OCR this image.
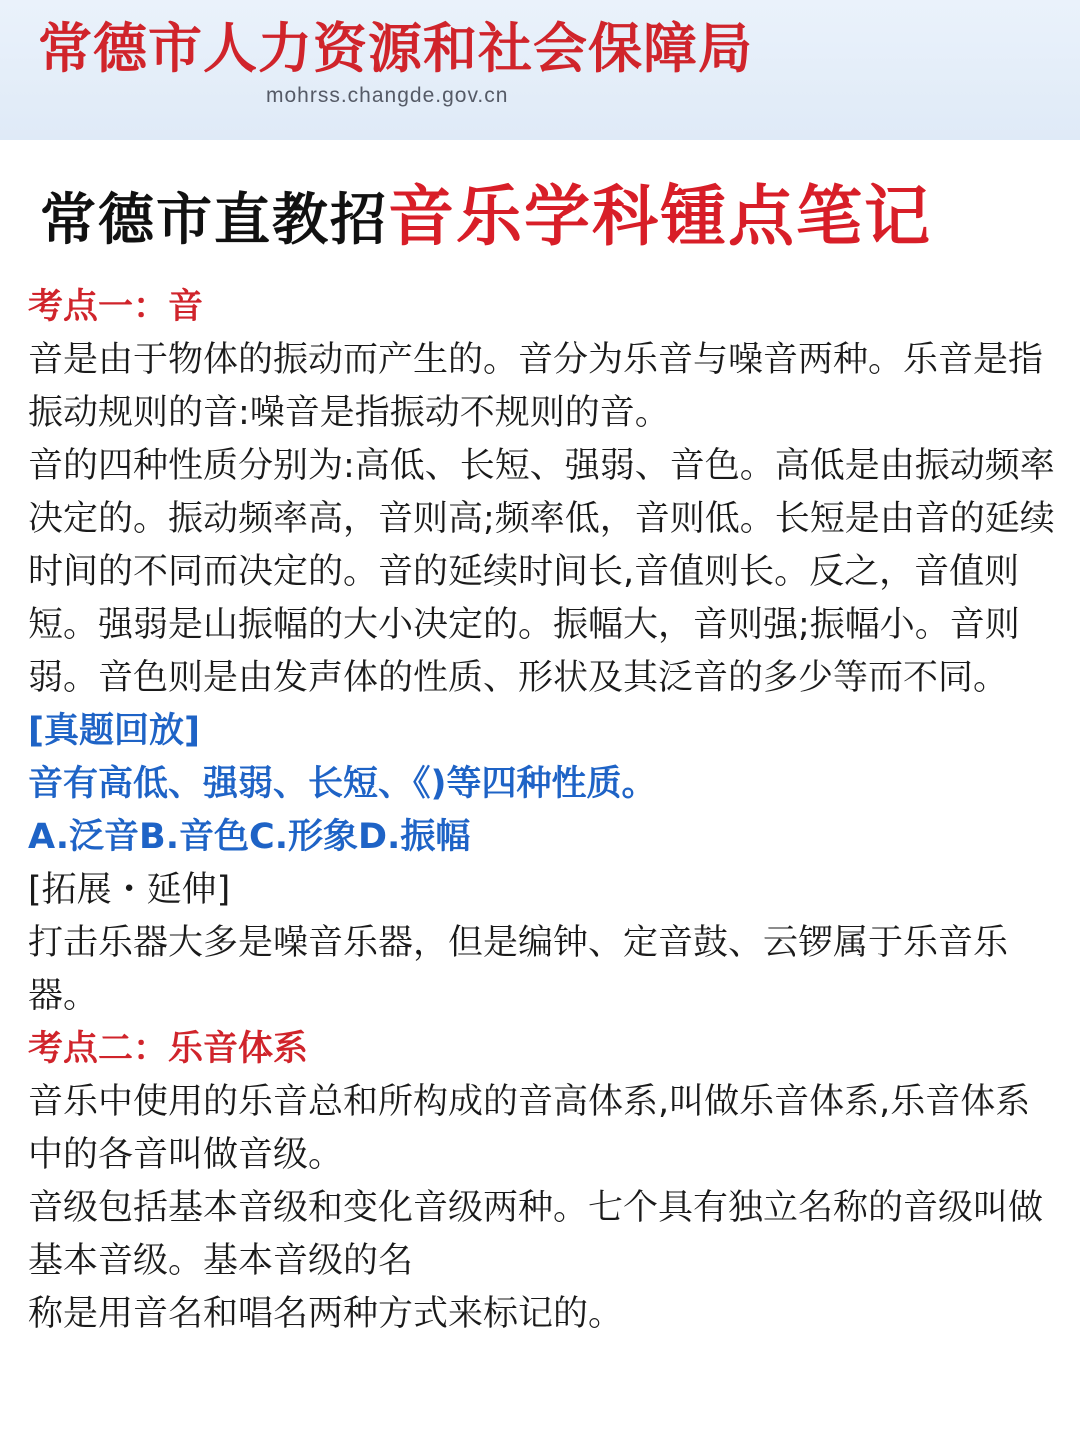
常德市人力资源和社会保障局
mohrss.changde.gov.cn
常德市直教招音乐学科锺点笔记

考点一：音

音是由于物体的振动而产生的。音分为乐音与噪音两种。乐音是指振动规则的音:噪音是指振动不规则的音。

音的四种性质分别为:高低、长短、强弱、音色。高低是由振动频率决定的。振动频率高，音则高;频率低，音则低。长短是由音的延续时间的不同而决定的。音的延续时间长,音值则长。反之，音值则短。强弱是山振幅的大小决定的。振幅大，音则强;振幅小。音则弱。音色则是由发声体的性质、形状及其泛音的多少等而不同。

[真题回放]

音有高低、强弱、长短、《)等四种性质。

A.泛音B.音色C.形象D.振幅

[拓展・延伸]

打击乐器大多是噪音乐器，但是编钟、定音鼓、云锣属于乐音乐器。

考点二：乐音体系

音乐中使用的乐音总和所构成的音高体系,叫做乐音体系,乐音体系中的各音叫做音级。

音级包括基本音级和变化音级两种。七个具有独立名称的音级叫做基本音级。基本音级的名

称是用音名和唱名两种方式来标记的。
